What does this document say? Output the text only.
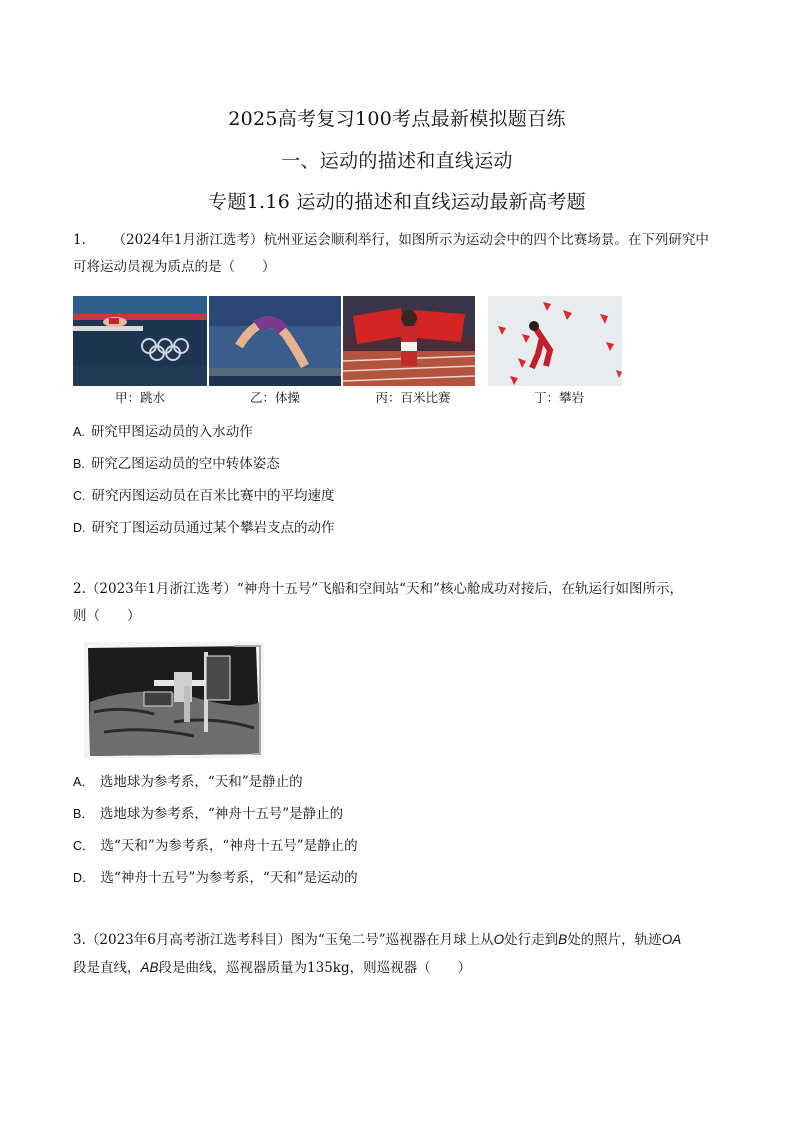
2025高考复习100考点最新模拟题百练
一、运动的描述和直线运动
专题1.16 运动的描述和直线运动最新高考题
1. （2024年1月浙江选考）杭州亚运会顺利举行，如图所示为运动会中的四个比赛场景。在下列研究中
可将运动员视为质点的是（　　）
甲：跳水	乙：体操	丙：百米比赛	丁：攀岩
A. 研究甲图运动员的入水动作
B. 研究乙图运动员的空中转体姿态
C. 研究丙图运动员在百米比赛中的平均速度
D. 研究丁图运动员通过某个攀岩支点的动作
2.（2023年1月浙江选考）“神舟十五号”飞船和空间站“天和”核心舱成功对接后，在轨运行如图所示，
则（　　）
A． 选地球为参考系，“天和”是静止的
B． 选地球为参考系，“神舟十五号”是静止的
C． 选“天和”为参考系，“神舟十五号”是静止的
D． 选“神舟十五号”为参考系，“天和”是运动的
3.（2023年6月高考浙江选考科目）图为“玉兔二号”巡视器在月球上从O处行走到B处的照片，轨迹OA
段是直线，AB段是曲线，巡视器质量为135kg，则巡视器（　　）
